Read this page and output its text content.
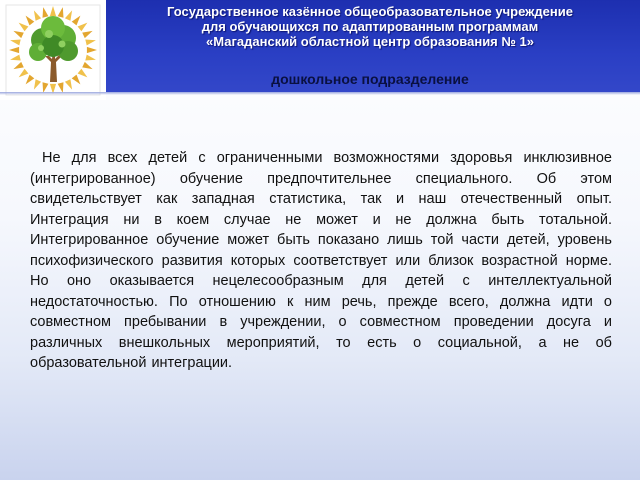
Государственное казённое общеобразовательное учреждение
для обучающихся по адаптированным программам
«Магаданский областной центр образования № 1»
дошкольное подразделение
Не для всех детей с ограниченными возможностями здоровья инклюзивное (интегрированное) обучение предпочтительнее специального. Об этом свидетельствует как западная статистика, так и наш отечественный опыт. Интеграция ни в коем случае не может и не должна быть тотальной. Интегрированное обучение может быть показано лишь той части детей, уровень психофизического развития которых соответствует или близок возрастной норме. Но оно оказывается нецелесообразным для детей с интеллектуальной недостаточностью. По отношению к ним речь, прежде всего, должна идти о совместном пребывании в учреждении, о совместном проведении досуга и различных внешкольных мероприятий, то есть о социальной, а не об образовательной интеграции.
